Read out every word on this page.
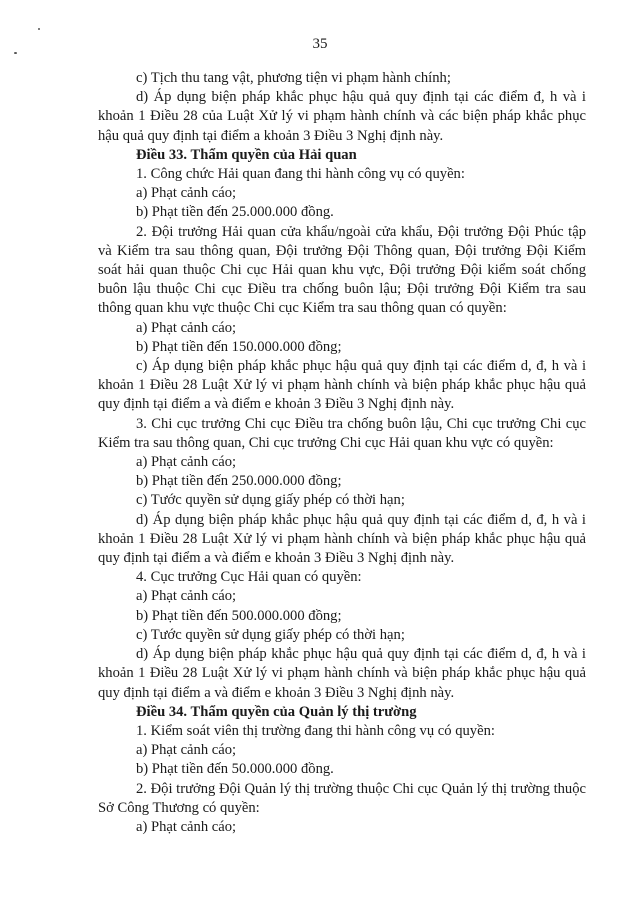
35

c) Tịch thu tang vật, phương tiện vi phạm hành chính;

d) Áp dụng biện pháp khắc phục hậu quả quy định tại các điểm đ, h và i khoản 1 Điều 28 của Luật Xử lý vi phạm hành chính và các biện pháp khắc phục hậu quả quy định tại điểm a khoản 3 Điều 3 Nghị định này.

Điều 33. Thẩm quyền của Hải quan

1. Công chức Hải quan đang thi hành công vụ có quyền:

a) Phạt cảnh cáo;

b) Phạt tiền đến 25.000.000 đồng.

2. Đội trưởng Hải quan cửa khẩu/ngoài cửa khẩu, Đội trưởng Đội Phúc tập và Kiểm tra sau thông quan, Đội trưởng Đội Thông quan, Đội trưởng Đội Kiểm soát hải quan thuộc Chi cục Hải quan khu vực, Đội trưởng Đội kiểm soát chống buôn lậu thuộc Chi cục Điều tra chống buôn lậu; Đội trưởng Đội Kiểm tra sau thông quan khu vực thuộc Chi cục Kiểm tra sau thông quan có quyền:

a) Phạt cảnh cáo;

b) Phạt tiền đến 150.000.000 đồng;

c) Áp dụng biện pháp khắc phục hậu quả quy định tại các điểm d, đ, h và i khoản 1 Điều 28 Luật Xử lý vi phạm hành chính và biện pháp khắc phục hậu quả quy định tại điểm a và điểm e khoản 3 Điều 3 Nghị định này.

3. Chi cục trưởng Chi cục Điều tra chống buôn lậu, Chi cục trưởng Chi cục Kiểm tra sau thông quan, Chi cục trưởng Chi cục Hải quan khu vực có quyền:

a) Phạt cảnh cáo;

b) Phạt tiền đến 250.000.000 đồng;

c) Tước quyền sử dụng giấy phép có thời hạn;

d) Áp dụng biện pháp khắc phục hậu quả quy định tại các điểm d, đ, h và i khoản 1 Điều 28 Luật Xử lý vi phạm hành chính và biện pháp khắc phục hậu quả quy định tại điểm a và điểm e khoản 3 Điều 3 Nghị định này.

4. Cục trưởng Cục Hải quan có quyền:

a) Phạt cảnh cáo;

b) Phạt tiền đến 500.000.000 đồng;

c) Tước quyền sử dụng giấy phép có thời hạn;

d) Áp dụng biện pháp khắc phục hậu quả quy định tại các điểm d, đ, h và i khoản 1 Điều 28 Luật Xử lý vi phạm hành chính và biện pháp khắc phục hậu quả quy định tại điểm a và điểm e khoản 3 Điều 3 Nghị định này.

Điều 34. Thẩm quyền của Quản lý thị trường

1. Kiểm soát viên thị trường đang thi hành công vụ có quyền:

a) Phạt cảnh cáo;

b) Phạt tiền đến 50.000.000 đồng.

2. Đội trưởng Đội Quản lý thị trường thuộc Chi cục Quản lý thị trường thuộc Sở Công Thương có quyền:

a) Phạt cảnh cáo;
